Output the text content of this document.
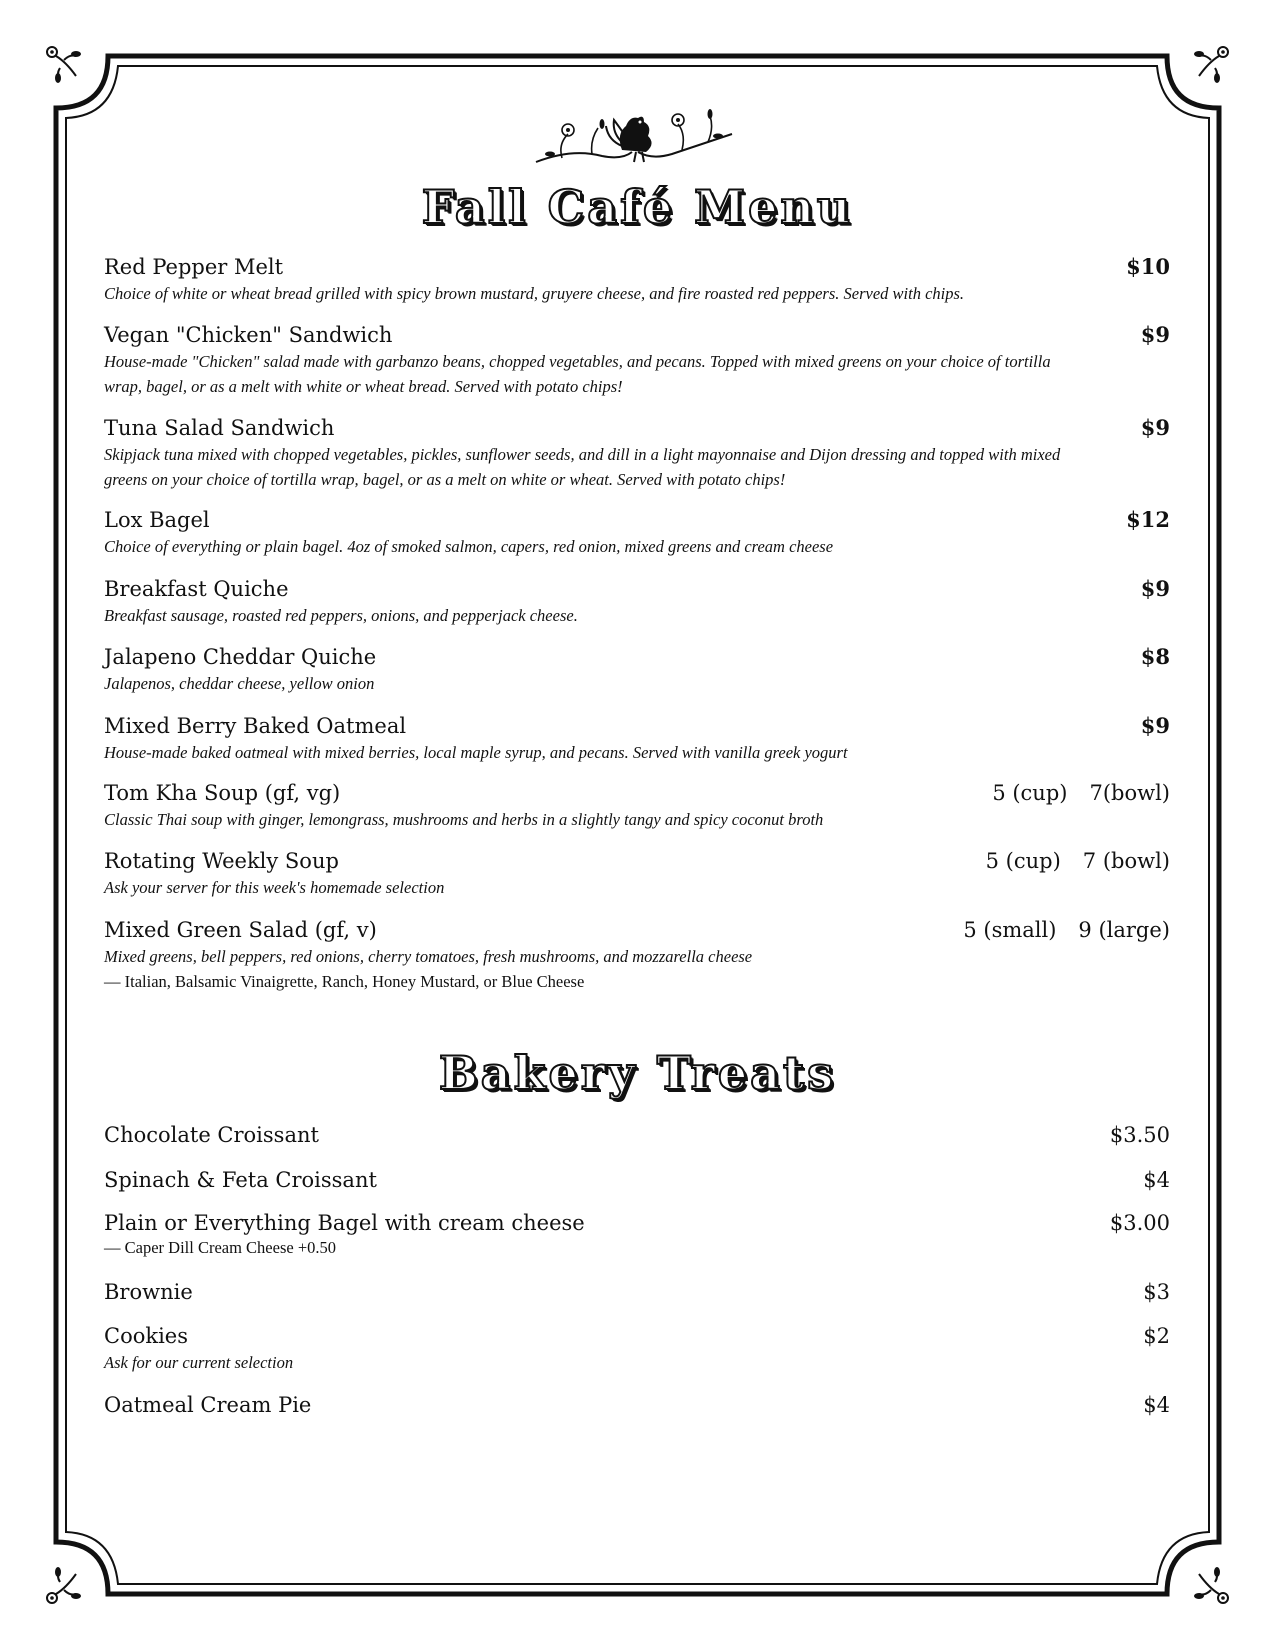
Fall Café Menu
Red Pepper Melt	$10
Choice of white or wheat bread grilled with spicy brown mustard, gruyere cheese, and fire roasted red peppers. Served with chips.
Vegan "Chicken" Sandwich	$9
House-made "Chicken" salad made with garbanzo beans, chopped vegetables, and pecans. Topped with mixed greens on your choice of tortilla wrap, bagel, or as a melt with white or wheat bread. Served with potato chips!
Tuna Salad Sandwich	$9
Skipjack tuna mixed with chopped vegetables, pickles, sunflower seeds, and dill in a light mayonnaise and Dijon dressing and topped with mixed greens on your choice of tortilla wrap, bagel, or as a melt on white or wheat. Served with potato chips!
Lox Bagel	$12
Choice of everything or plain bagel. 4oz of smoked salmon, capers, red onion, mixed greens and cream cheese
Breakfast Quiche	$9
Breakfast sausage, roasted red peppers, onions, and pepperjack cheese.
Jalapeno Cheddar Quiche	$8
Jalapenos, cheddar cheese, yellow onion
Mixed Berry Baked Oatmeal	$9
House-made baked oatmeal with mixed berries, local maple syrup, and pecans. Served with vanilla greek yogurt
Tom Kha Soup (gf, vg)	5 (cup) 7(bowl)
Classic Thai soup with ginger, lemongrass, mushrooms and herbs in a slightly tangy and spicy coconut broth
Rotating Weekly Soup	5 (cup) 7 (bowl)
Ask your server for this week's homemade selection
Mixed Green Salad (gf, v)	5 (small) 9 (large)
Mixed greens, bell peppers, red onions, cherry tomatoes, fresh mushrooms, and mozzarella cheese
— Italian, Balsamic Vinaigrette, Ranch, Honey Mustard, or Blue Cheese
Bakery Treats
Chocolate Croissant	$3.50
Spinach & Feta Croissant	$4
Plain or Everything Bagel with cream cheese	$3.00
— Caper Dill Cream Cheese +0.50
Brownie	$3
Cookies	$2
Ask for our current selection
Oatmeal Cream Pie	$4
